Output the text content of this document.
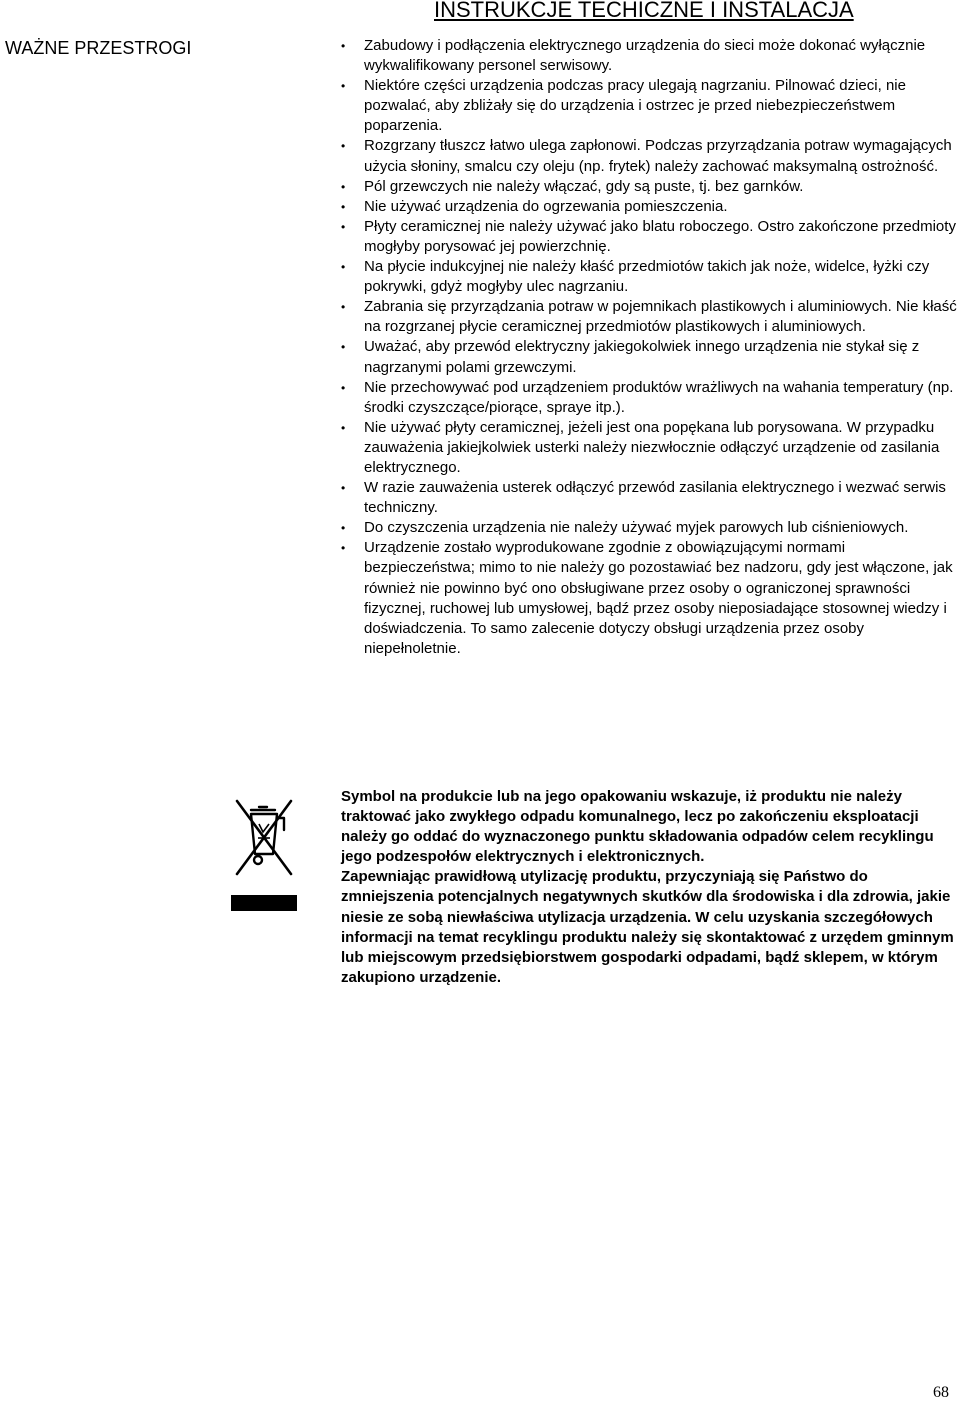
INSTRUKCJE TECHICZNE I INSTALACJA
WAŻNE PRZESTROGI	• Zabudowy i podłączenia elektrycznego urządzenia do sieci może dokonać wyłącznie wykwalifikowany personel serwisowy.
• Niektóre części urządzenia podczas pracy ulegają nagrzaniu. Pilnować dzieci, nie pozwalać, aby zbliżały się do urządzenia i ostrzec je przed niebezpieczeństwem poparzenia.
• Rozgrzany tłuszcz łatwo ulega zapłonowi. Podczas przyrządzania potraw wymagających użycia słoniny, smalcu czy oleju (np. frytek) należy zachować maksymalną ostrożność.
• Pól grzewczych nie należy włączać, gdy są puste, tj. bez garnków.
• Nie używać urządzenia do ogrzewania pomieszczenia.
• Płyty ceramicznej nie należy używać jako blatu roboczego. Ostro zakończone przedmioty mogłyby porysować jej powierzchnię.
• Na płycie indukcyjnej nie należy kłaść przedmiotów takich jak noże, widelce, łyżki czy pokrywki, gdyż mogłyby ulec nagrzaniu.
• Zabrania się przyrządzania potraw w pojemnikach plastikowych i aluminiowych. Nie kłaść na rozgrzanej płycie ceramicznej przedmiotów plastikowych i aluminiowych.
• Uważać, aby przewód elektryczny jakiegokolwiek innego urządzenia nie stykał się z nagrzanymi polami grzewczymi.
• Nie przechowywać pod urządzeniem produktów wrażliwych na wahania temperatury (np. środki czyszczące/piorące, spraye itp.).
• Nie używać płyty ceramicznej, jeżeli jest ona popękana lub porysowana. W przypadku zauważenia jakiejkolwiek usterki należy niezwłocznie odłączyć urządzenie od zasilania elektrycznego.
• W razie zauważenia usterek odłączyć przewód zasilania elektrycznego i wezwać serwis techniczny.
• Do czyszczenia urządzenia nie należy używać myjek parowych lub ciśnieniowych.
• Urządzenie zostało wyprodukowane zgodnie z obowiązującymi normami bezpieczeństwa; mimo to nie należy go pozostawiać bez nadzoru, gdy jest włączone, jak również nie powinno być ono obsługiwane przez osoby o ograniczonej sprawności fizycznej, ruchowej lub umysłowej, bądź przez osoby nieposiadające stosownej wiedzy i doświadczenia. To samo zalecenie dotyczy obsługi urządzenia przez osoby niepełnoletnie.

Symbol na produkcie lub na jego opakowaniu wskazuje, iż produktu nie należy traktować jako zwykłego odpadu komunalnego, lecz po zakończeniu eksploatacji należy go oddać do wyznaczonego punktu składowania odpadów celem recyklingu jego podzespołów elektrycznych i elektronicznych.

Zapewniając prawidłową utylizację produktu, przyczyniają się Państwo do zmniejszenia potencjalnych negatywnych skutków dla środowiska i dla zdrowia, jakie niesie ze sobą niewłaściwa utylizacja urządzenia. W celu uzyskania szczegółowych informacji na temat recyklingu produktu należy się skontaktować z urzędem gminnym lub miejscowym przedsiębiorstwem gospodarki odpadami, bądź sklepem, w którym zakupiono urządzenie.

68
